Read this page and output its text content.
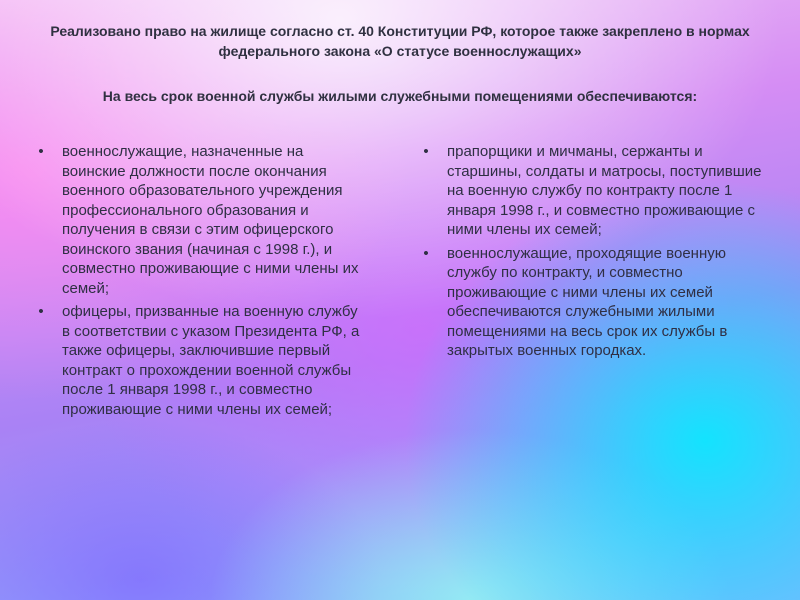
Реализовано право на жилище согласно ст. 40 Конституции РФ, которое также закреплено в нормах федерального закона «О статусе военнослужащих»

На весь срок военной службы жилыми служебными помещениями обеспечиваются:

• военнослужащие, назначенные на воинские должности после окончания военного образовательного учреждения профессионального образования и получения в связи с этим офицерского воинского звания (начиная с 1998 г.), и совместно проживающие с ними члены их семей;
• офицеры, призванные на военную службу в соответствии с указом Президента РФ, а также офицеры, заключившие первый контракт о прохождении военной службы после 1 января 1998 г., и совместно проживающие с ними члены их семей;
• прапорщики и мичманы, сержанты и старшины, солдаты и матросы, поступившие на военную службу по контракту после 1 января 1998 г., и совместно проживающие с ними члены их семей;
• военнослужащие, проходящие военную службу по контракту, и совместно проживающие с ними члены их семей обеспечиваются служебными жилыми помещениями на весь срок их службы в закрытых военных городках.
